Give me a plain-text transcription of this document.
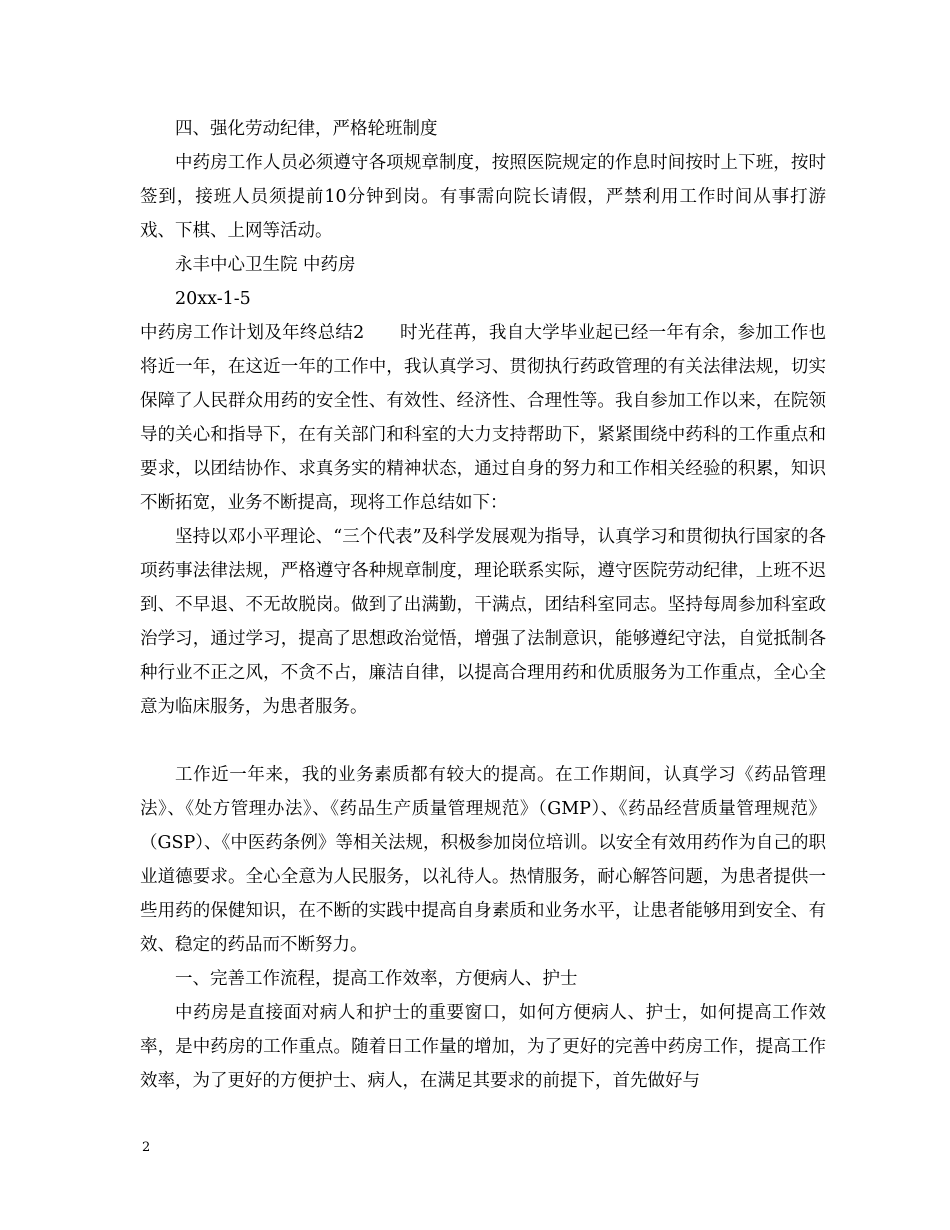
四、强化劳动纪律，严格轮班制度
中药房工作人员必须遵守各项规章制度，按照医院规定的作息时间按时上下班，按时签到，接班人员须提前10分钟到岗。有事需向院长请假，严禁利用工作时间从事打游戏、下棋、上网等活动。
永丰中心卫生院 中药房
20xx-1-5
中药房工作计划及年终总结2　　时光荏苒，我自大学毕业起已经一年有余，参加工作也将近一年，在这近一年的工作中，我认真学习、贯彻执行药政管理的有关法律法规，切实保障了人民群众用药的安全性、有效性、经济性、合理性等。我自参加工作以来，在院领导的关心和指导下，在有关部门和科室的大力支持帮助下，紧紧围绕中药科的工作重点和要求，以团结协作、求真务实的精神状态，通过自身的努力和工作相关经验的积累，知识不断拓宽，业务不断提高，现将工作总结如下：
坚持以邓小平理论、“三个代表”及科学发展观为指导，认真学习和贯彻执行国家的各项药事法律法规，严格遵守各种规章制度，理论联系实际，遵守医院劳动纪律，上班不迟到、不早退、不无故脱岗。做到了出满勤，干满点，团结科室同志。坚持每周参加科室政治学习，通过学习，提高了思想政治觉悟，增强了法制意识，能够遵纪守法，自觉抵制各种行业不正之风，不贪不占，廉洁自律，以提高合理用药和优质服务为工作重点，全心全意为临床服务，为患者服务。
工作近一年来，我的业务素质都有较大的提高。在工作期间，认真学习《药品管理法》、《处方管理办法》、《药品生产质量管理规范》（GMP）、《药品经营质量管理规范》（GSP）、《中医药条例》等相关法规，积极参加岗位培训。以安全有效用药作为自己的职业道德要求。全心全意为人民服务，以礼待人。热情服务，耐心解答问题，为患者提供一些用药的保健知识，在不断的实践中提高自身素质和业务水平，让患者能够用到安全、有效、稳定的药品而不断努力。
一、完善工作流程，提高工作效率，方便病人、护士
中药房是直接面对病人和护士的重要窗口，如何方便病人、护士，如何提高工作效率，是中药房的工作重点。随着日工作量的增加，为了更好的完善中药房工作，提高工作效率，为了更好的方便护士、病人，在满足其要求的前提下，首先做好与
2
